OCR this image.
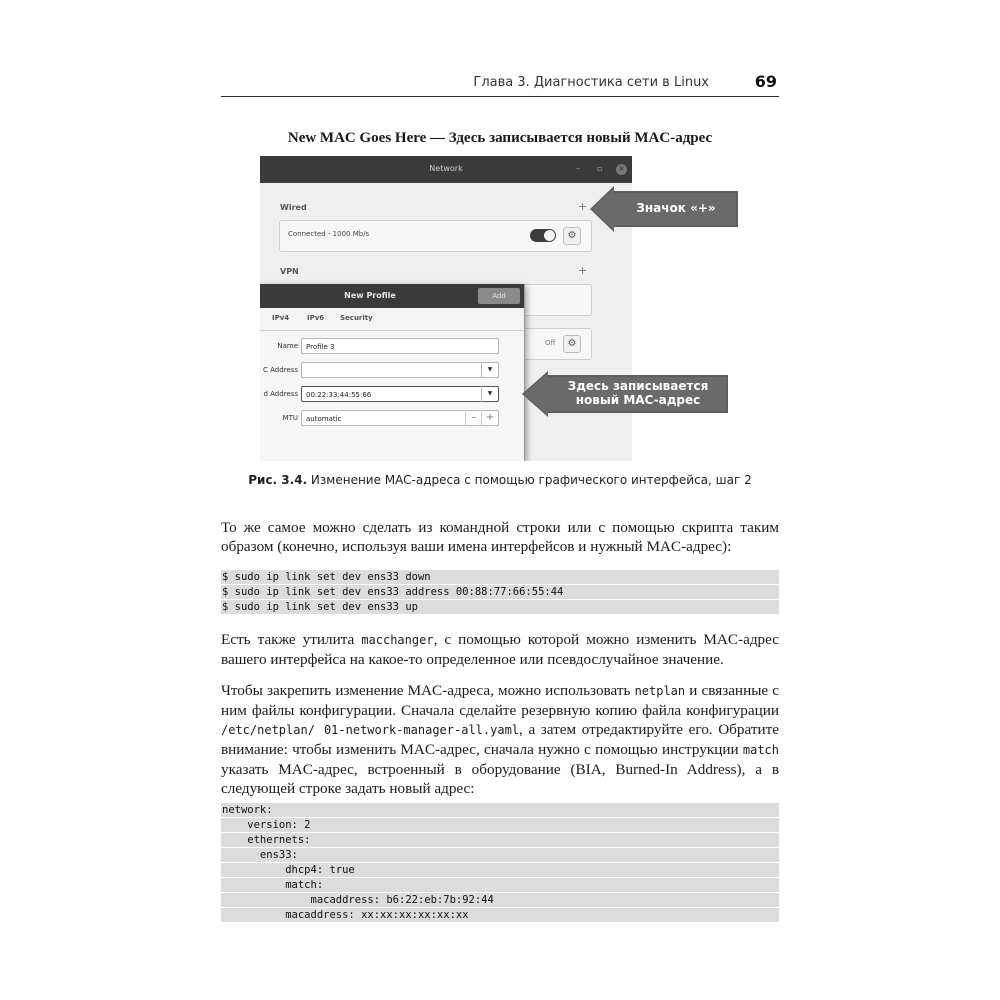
Глава 3. Диагностика сети в Linux	69
New MAC Goes Here — Здесь записывается новый MAC-адрес
Network	– ▫	✕
Wired	+
Connected - 1000 Mb/s	⚙
VPN	+
Off	⚙
New Profile	Add
IPv4	IPv6 Security
Name	Profile 3
C Address	▼
d Address	00:22:33:44:55:66	▼
MTU	automatic	– +
Значок «+»
Здесь записывается
новый MAC-адрес
Рис. 3.4. Изменение MAC-адреса с помощью графического интерфейса, шаг 2
То же самое можно сделать из командной строки или с помощью скрипта таким образом (конечно, используя ваши имена интерфейсов и нужный MAC-адрес):
$ sudo ip link set dev ens33 down
$ sudo ip link set dev ens33 address 00:88:77:66:55:44
$ sudo ip link set dev ens33 up
Есть также утилита macchanger, с помощью которой можно изменить MAC-адрес вашего интерфейса на какое-то определенное или псевдослучайное значение.
Чтобы закрепить изменение MAC-адреса, можно использовать netplan и связанные с ним файлы конфигурации. Сначала сделайте резервную копию файла конфигурации /etc/netplan/ 01-network-manager-all.yaml, а затем отредактируйте его. Обратите внимание: чтобы изменить MAC-адрес, сначала нужно с помощью инструкции match указать MAC-адрес, встроенный в оборудование (BIA, Burned-In Address), а в следующей строке задать новый адрес:
network:
version: 2
ethernets:
ens33:
dhcp4: true
match:
macaddress: b6:22:eb:7b:92:44
macaddress: xx:xx:xx:xx:xx:xx
